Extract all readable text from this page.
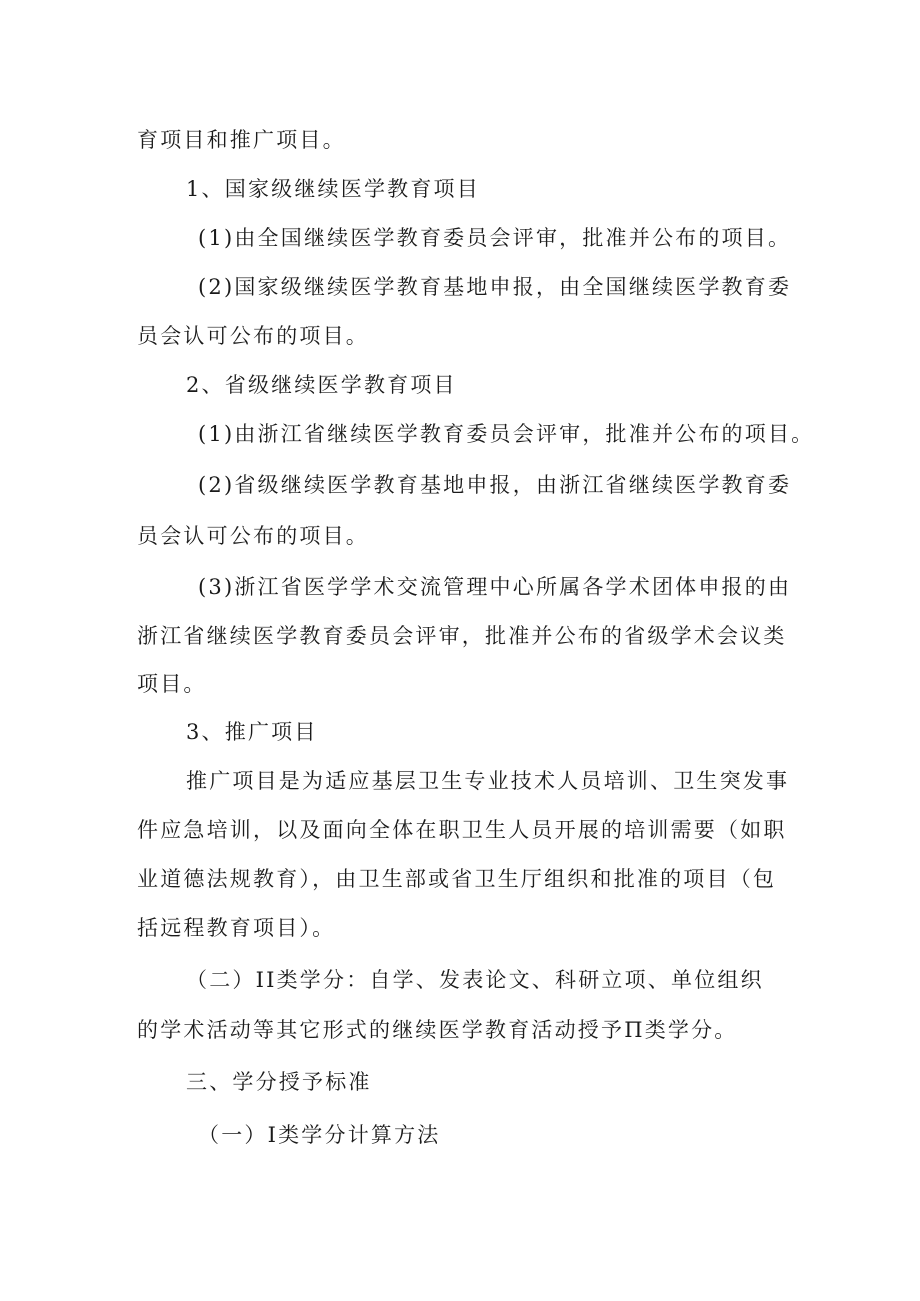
育项目和推广项目。
1、国家级继续医学教育项目
(1)由全国继续医学教育委员会评审，批准并公布的项目。
(2)国家级继续医学教育基地申报，由全国继续医学教育委
员会认可公布的项目。
2、省级继续医学教育项目
(1)由浙江省继续医学教育委员会评审，批准并公布的项目。
(2)省级继续医学教育基地申报，由浙江省继续医学教育委
员会认可公布的项目。
(3)浙江省医学学术交流管理中心所属各学术团体申报的由
浙江省继续医学教育委员会评审，批准并公布的省级学术会议类
项目。
3、推广项目
推广项目是为适应基层卫生专业技术人员培训、卫生突发事
件应急培训，以及面向全体在职卫生人员开展的培训需要（如职
业道德法规教育），由卫生部或省卫生厅组织和批准的项目（包
括远程教育项目）。
（二）II类学分：自学、发表论文、科研立项、单位组织
的学术活动等其它形式的继续医学教育活动授予Π类学分。
三、学分授予标准
（一）Ⅰ类学分计算方法
